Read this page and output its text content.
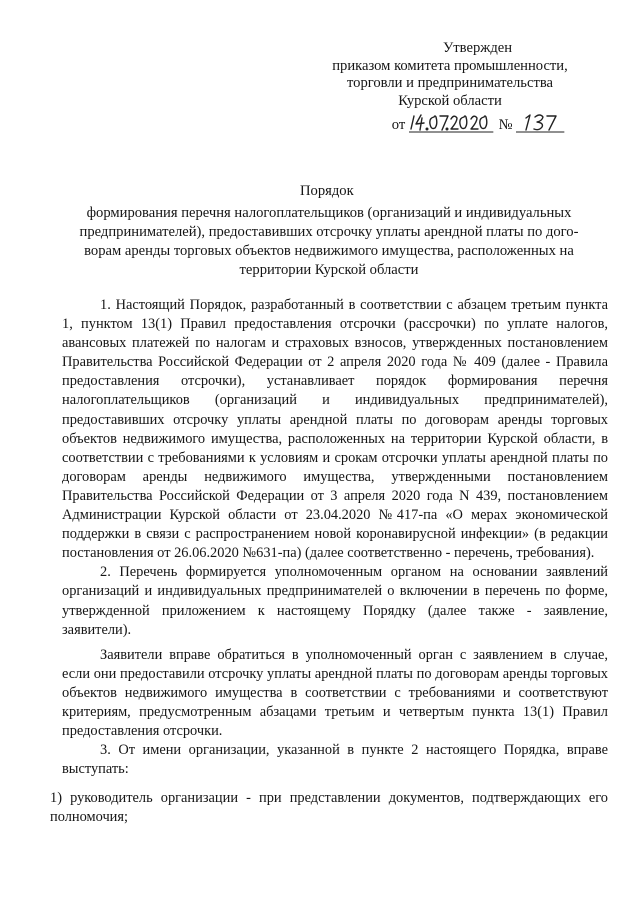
Утвержден
приказом комитета промышленности,
торговли и предпринимательства
Курской области
от	№
Порядок
формирования перечня налогоплательщиков (организаций и индивидуальных
предпринимателей), предоставивших отсрочку уплаты арендной платы по дого-
ворам аренды торговых объектов недвижимого имущества, расположенных на
территории Курской области

1. Настоящий Порядок, разработанный в соответствии с абзацем третьим пункта 1, пунктом 13(1) Правил предоставления отсрочки (рассрочки) по уплате налогов, авансовых платежей по налогам и страховых взносов, утвержденных постановлением Правительства Российской Федерации от 2 апреля 2020 года № 409 (далее - Правила предоставления отсрочки), устанавливает порядок формирования перечня налогоплательщиков (организаций и индивидуальных предпринимателей), предоставивших отсрочку уплаты арендной платы по договорам аренды торговых объектов недвижимого имущества, расположенных на территории Курской области, в соответствии с требованиями к условиям и срокам отсрочки уплаты арендной платы по договорам аренды недвижимого имущества, утвержденными постановлением Правительства Российской Федерации от 3 апреля 2020 года N 439, постановлением Администрации Курской области от 23.04.2020 №417-па «О мерах экономической поддержки в связи с распространением новой коронавирусной инфекции» (в редакции постановления от 26.06.2020 №631-па) (далее соответственно - перечень, требования).

2. Перечень формируется уполномоченным органом на основании заявлений организаций и индивидуальных предпринимателей о включении в перечень по форме, утвержденной приложением к настоящему Порядку (далее также - заявление, заявители).

Заявители вправе обратиться в уполномоченный орган с заявлением в случае, если они предоставили отсрочку уплаты арендной платы по договорам аренды торговых объектов недвижимого имущества в соответствии с требованиями и соответствуют критериям, предусмотренным абзацами третьим и четвертым пункта 13(1) Правил предоставления отсрочки.

3. От имени организации, указанной в пункте 2 настоящего Порядка, вправе выступать:

1) руководитель организации - при представлении документов, подтверждающих его полномочия;
